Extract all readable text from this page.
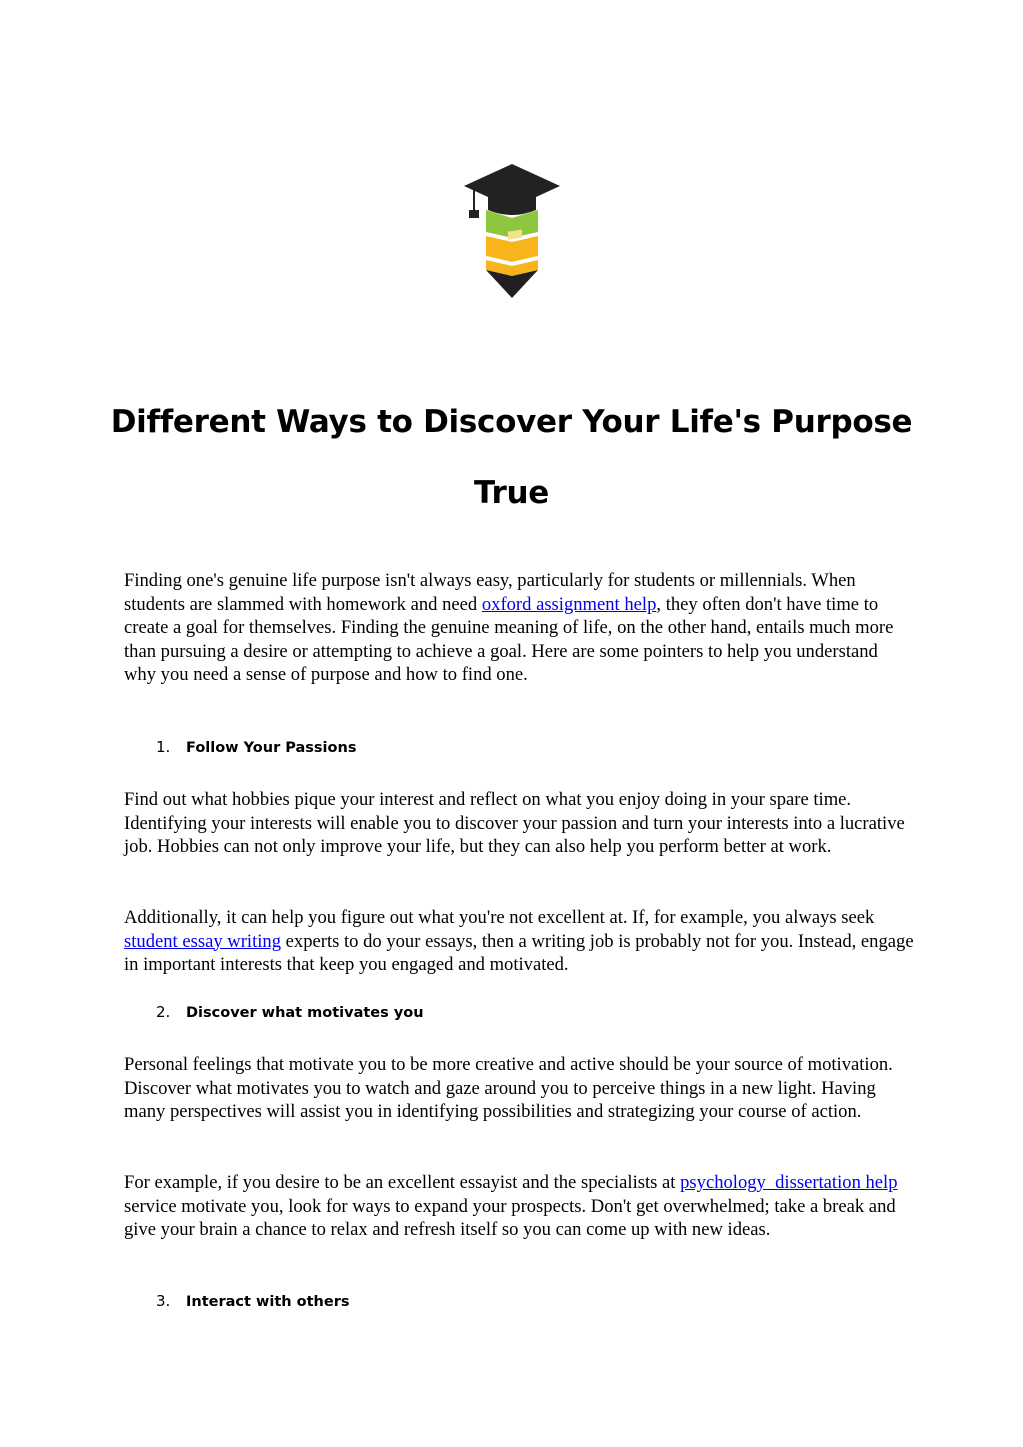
Different Ways to Discover Your Life's Purpose
True

Finding one's genuine life purpose isn't always easy, particularly for students or millennials. When students are slammed with homework and need oxford assignment help, they often don't have time to create a goal for themselves. Finding the genuine meaning of life, on the other hand, entails much more than pursuing a desire or attempting to achieve a goal. Here are some pointers to help you understand why you need a sense of purpose and how to find one.

1. Follow Your Passions

Find out what hobbies pique your interest and reflect on what you enjoy doing in your spare time. Identifying your interests will enable you to discover your passion and turn your interests into a lucrative job. Hobbies can not only improve your life, but they can also help you perform better at work.

Additionally, it can help you figure out what you're not excellent at. If, for example, you always seek student essay writing experts to do your essays, then a writing job is probably not for you. Instead, engage in important interests that keep you engaged and motivated.

2. Discover what motivates you

Personal feelings that motivate you to be more creative and active should be your source of motivation. Discover what motivates you to watch and gaze around you to perceive things in a new light. Having many perspectives will assist you in identifying possibilities and strategizing your course of action.

For example, if you desire to be an excellent essayist and the specialists at psychology  dissertation help service motivate you, look for ways to expand your prospects. Don't get overwhelmed; take a break and give your brain a chance to relax and refresh itself so you can come up with new ideas.

3. Interact with others
